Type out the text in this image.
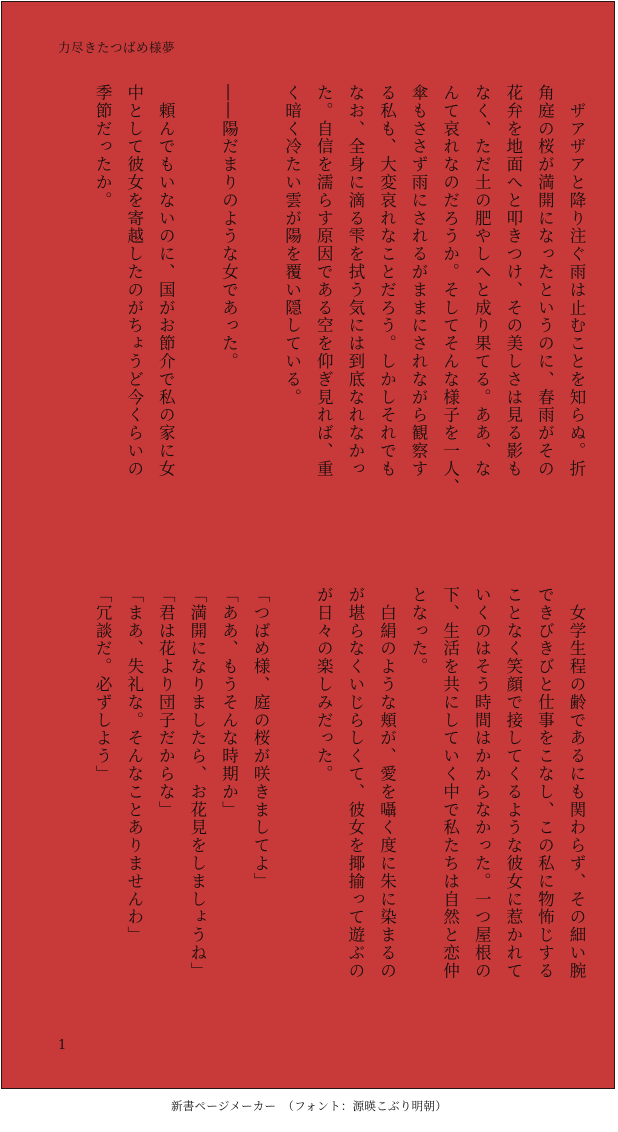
力尽きたつばめ様夢

　ザアザアと降り注ぐ雨は止むことを知らぬ。折

角庭の桜が満開になったというのに、春雨がその

花弁を地面へと叩きつけ、その美しさは見る影も

なく、ただ土の肥やしへと成り果てる。ああ、な

んて哀れなのだろうか。そしてそんな様子を一人、

傘もささず雨にされるがままにされながら観察す

る私も、大変哀れなことだろう。しかしそれでも

なお、全身に滴る雫を拭う気には到底なれなかっ

た。自信を濡らす原因である空を仰ぎ見れば、重

く暗く冷たい雲が陽を覆い隠している。

――陽だまりのような女であった。

　頼んでもいないのに、国がお節介で私の家に女

中として彼女を寄越したのがちょうど今くらいの

季節だったか。

　女学生程の齢であるにも関わらず、その細い腕

できびきびと仕事をこなし、この私に物怖じする

ことなく笑顔で接してくるような彼女に惹かれて

いくのはそう時間はかからなかった。一つ屋根の

下、生活を共にしていく中で私たちは自然と恋仲

となった。

　白絹のような頬が、愛を囁く度に朱に染まるの

が堪らなくいじらしくて、彼女を揶揄って遊ぶの

が日々の楽しみだった。

「つばめ様、庭の桜が咲きましてよ」

「ああ、もうそんな時期か」

「満開になりましたら、お花見をしましょうね」

「君は花より団子だからな」

「まあ、失礼な。そんなことありませんわ」

「冗談だ。必ずしよう」

1
新書ページメーカー　（フォント：源暎こぶり明朝）
